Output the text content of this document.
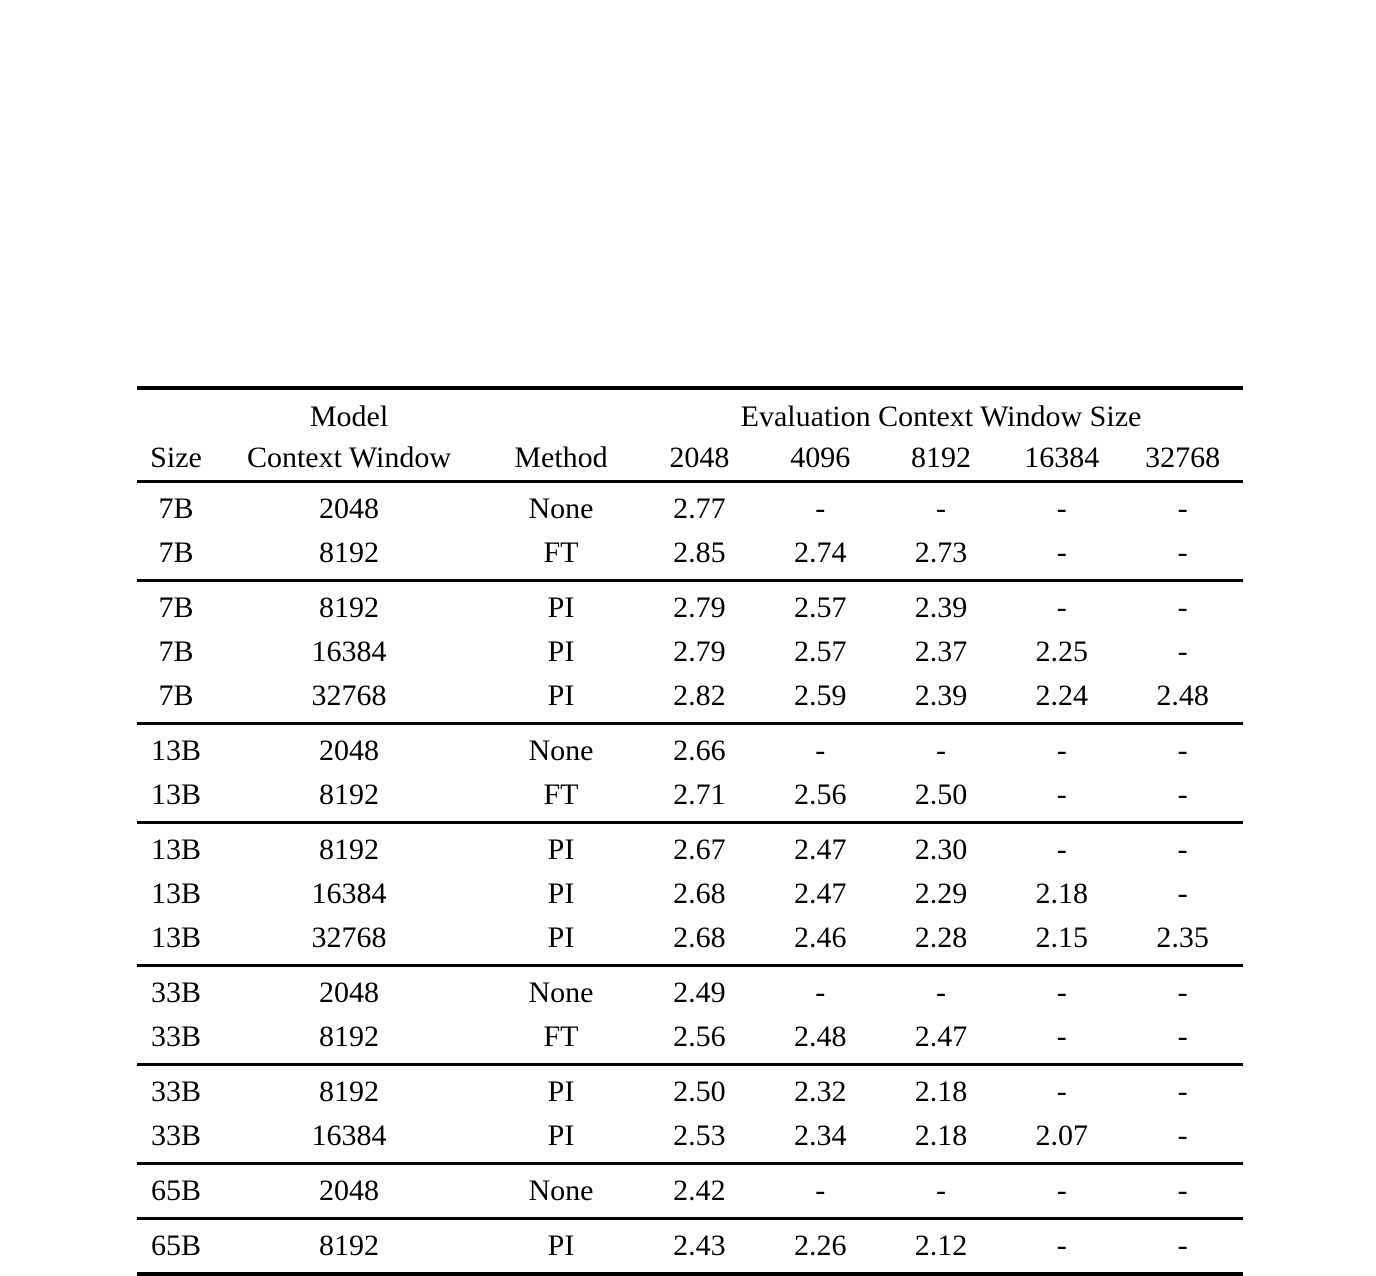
	Model		Evaluation Context Window Size				
Size	Context Window	Method	2048	4096	8192	16384	32768

7B	2048	None	2.77	-	-	-	-
7B	8192	FT	2.85	2.74	2.73	-	-

7B	8192	PI	2.79	2.57	2.39	-	-
7B	16384	PI	2.79	2.57	2.37	2.25	-
7B	32768	PI	2.82	2.59	2.39	2.24	2.48

13B	2048	None	2.66	-	-	-	-
13B	8192	FT	2.71	2.56	2.50	-	-

13B	8192	PI	2.67	2.47	2.30	-	-
13B	16384	PI	2.68	2.47	2.29	2.18	-
13B	32768	PI	2.68	2.46	2.28	2.15	2.35

33B	2048	None	2.49	-	-	-	-
33B	8192	FT	2.56	2.48	2.47	-	-

33B	8192	PI	2.50	2.32	2.18	-	-
33B	16384	PI	2.53	2.34	2.18	2.07	-

65B	2048	None	2.42	-	-	-	-

65B	8192	PI	2.43	2.26	2.12	-	-
